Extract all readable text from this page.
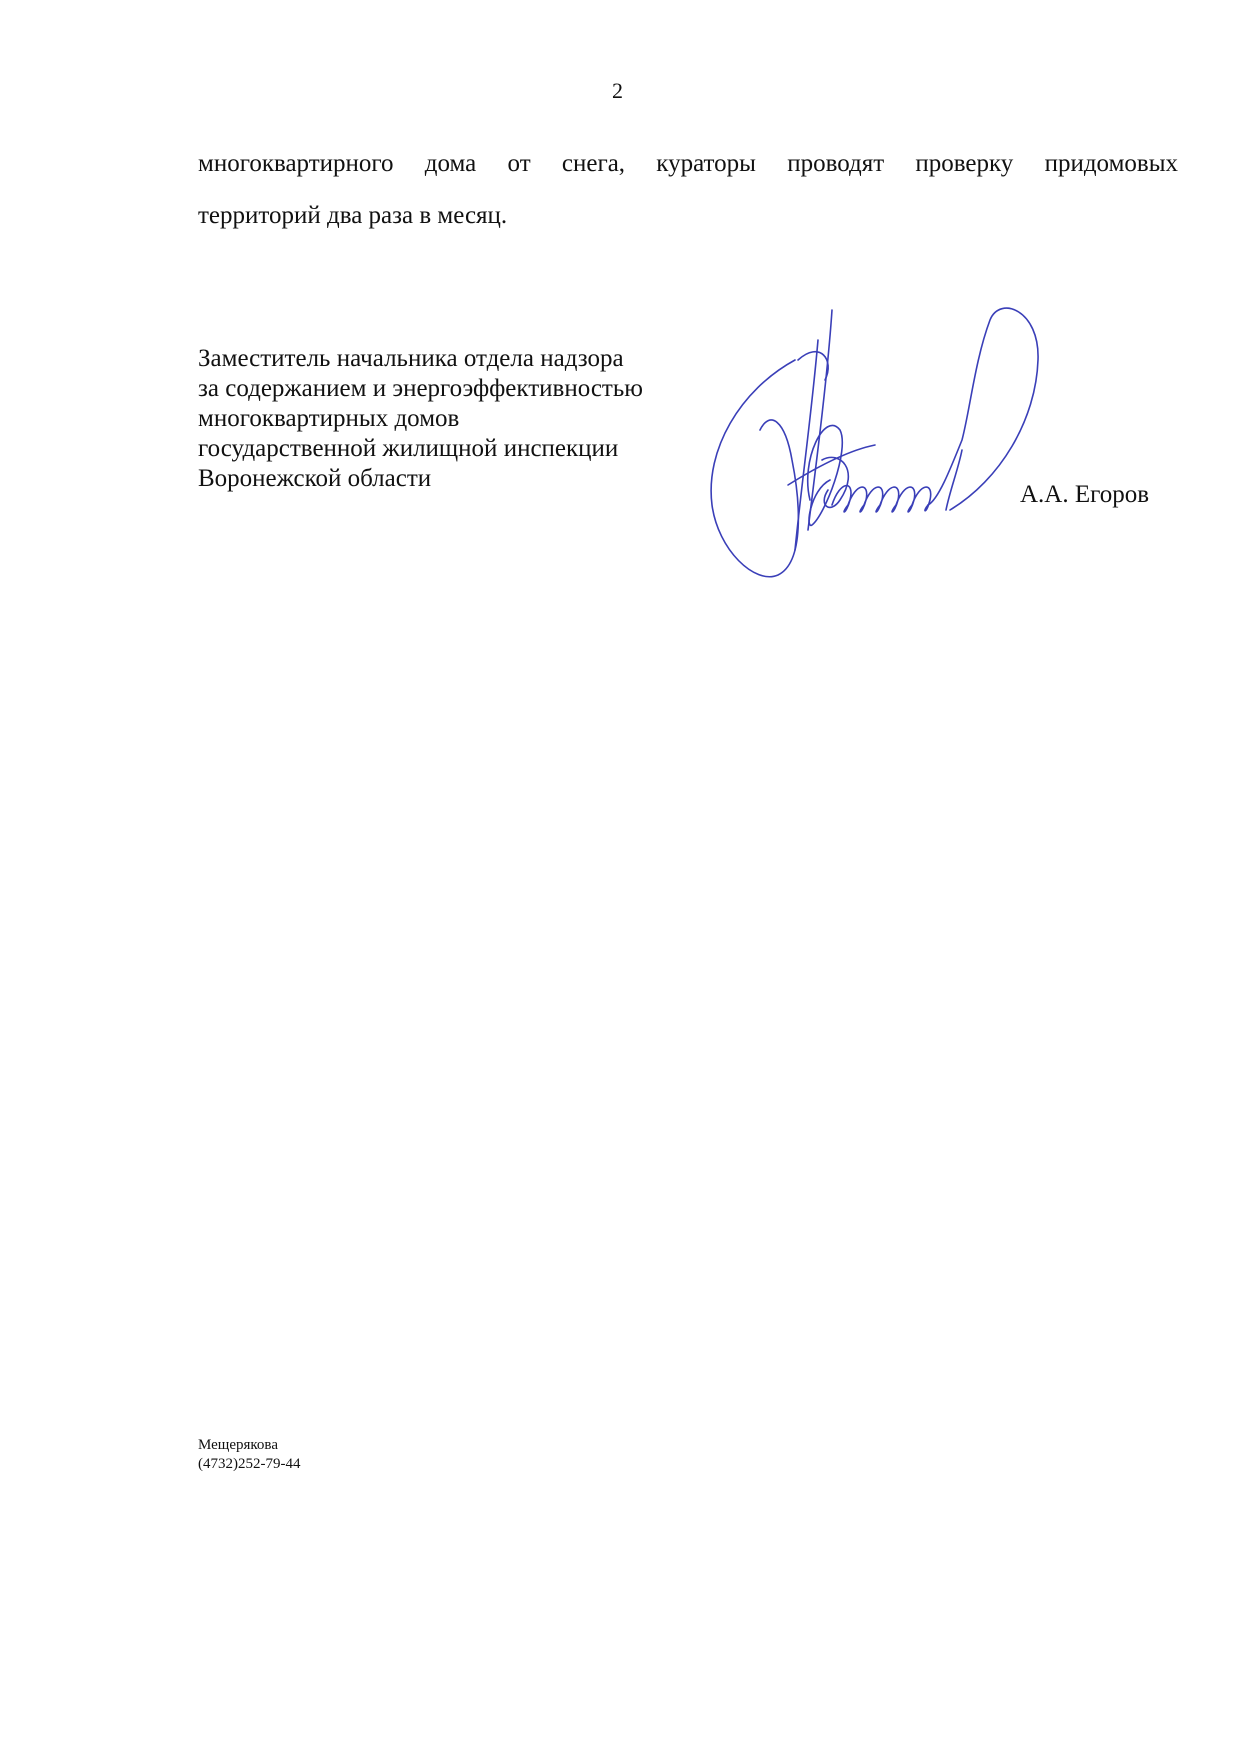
2
многоквартирного дома от снега, кураторы проводят проверку придомовых
территорий два раза в месяц.
Заместитель начальника отдела надзора
за содержанием и энергоэффективностью
многоквартирных домов
государственной жилищной инспекции
Воронежской области
А.А. Егоров
Мещерякова
(4732)252-79-44
